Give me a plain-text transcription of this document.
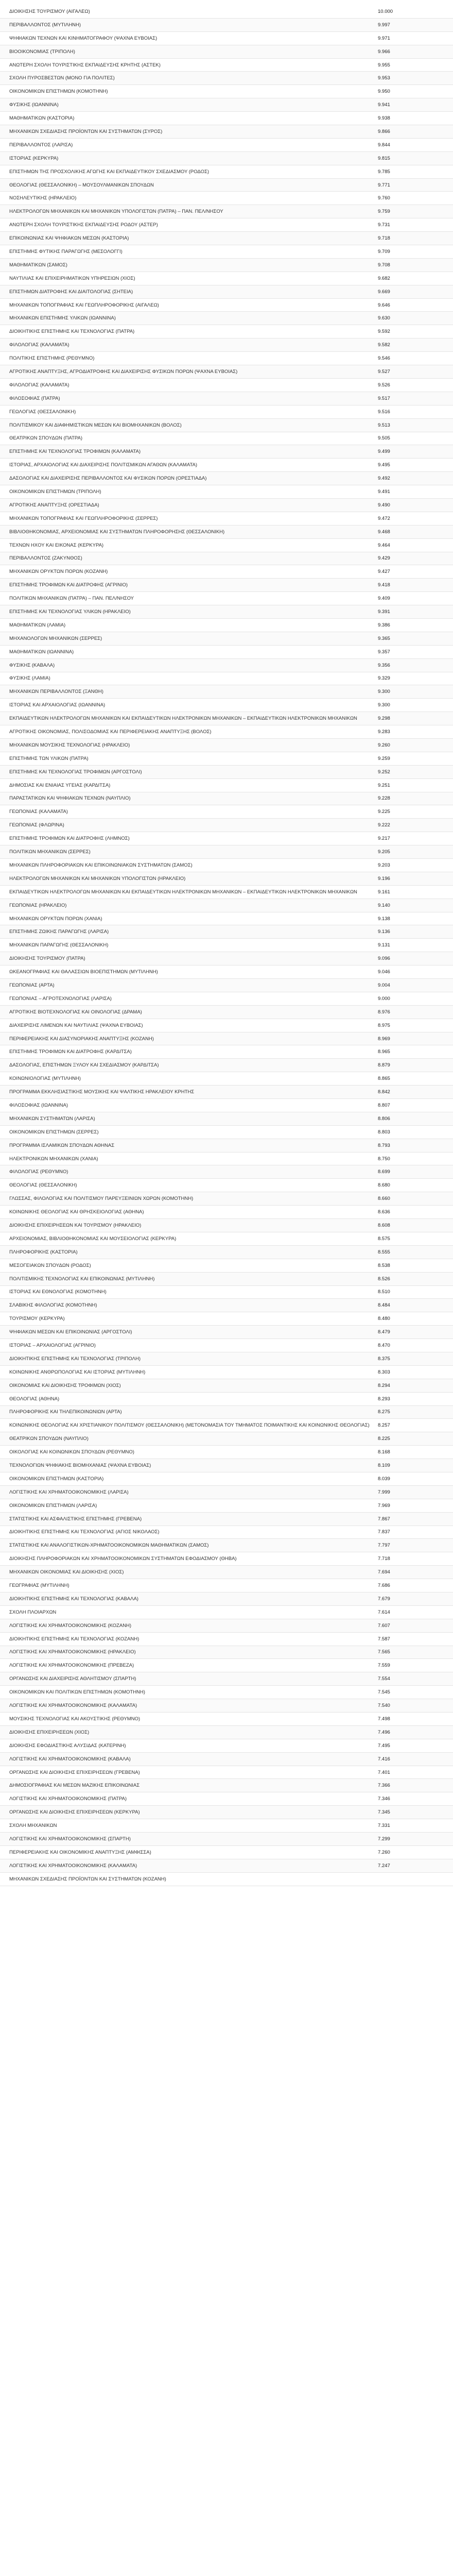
ΔΙΟΙΚΗΣΗΣ ΤΟΥΡΙΣΜΟΥ (ΑΙΓΑΛΕΩ)	10.000
ΠΕΡΙΒΑΛΛΟΝΤΟΣ (ΜΥΤΙΛΗΝΗ)	9.997
ΨΗΦΙΑΚΩΝ ΤΕΧΝΩΝ ΚΑΙ ΚΙΝΗΜΑΤΟΓΡΑΦΟΥ (ΨΑΧΝΑ ΕΥΒΟΙΑΣ)	9.971
ΒΙΟΟΙΚΟΝΟΜΙΑΣ (ΤΡΙΠΟΛΗ)	9.966
ΑΝΩΤΕΡΗ ΣΧΟΛΗ ΤΟΥΡΙΣΤΙΚΗΣ ΕΚΠΑΙΔΕΥΣΗΣ ΚΡΗΤΗΣ (ΑΣΤΕΚ)	9.955
ΣΧΟΛΗ ΠΥΡΟΣΒΕΣΤΩΝ (ΜΟΝΟ ΓΙΑ ΠΟΛΙΤΕΣ)	9.953
ΟΙΚΟΝΟΜΙΚΩΝ ΕΠΙΣΤΗΜΩΝ (ΚΟΜΟΤΗΝΗ)	9.950
ΦΥΣΙΚΗΣ (ΙΩΑΝΝΙΝΑ)	9.941
ΜΑΘΗΜΑΤΙΚΩΝ (ΚΑΣΤΟΡΙΑ)	9.938
ΜΗΧΑΝΙΚΩΝ ΣΧΕΔΙΑΣΗΣ ΠΡΟΪΟΝΤΩΝ ΚΑΙ ΣΥΣΤΗΜΑΤΩΝ (ΣΥΡΟΣ)	9.866
ΠΕΡΙΒΑΛΛΟΝΤΟΣ (ΛΑΡΙΣΑ)	9.844
ΙΣΤΟΡΙΑΣ (ΚΕΡΚΥΡΑ)	9.815
ΕΠΙΣΤΗΜΩΝ ΤΗΣ ΠΡΟΣΧΟΛΙΚΗΣ ΑΓΩΓΗΣ ΚΑΙ ΕΚΠΑΙΔΕΥΤΙΚΟΥ ΣΧΕΔΙΑΣΜΟΥ (ΡΟΔΟΣ)	9.785
ΘΕΟΛΟΓΙΑΣ (ΘΕΣΣΑΛΟΝΙΚΗ) – ΜΟΥΣΟΥΛΜΑΝΙΚΩΝ ΣΠΟΥΔΩΝ	9.771
ΝΟΣΗΛΕΥΤΙΚΗΣ (ΗΡΑΚΛΕΙΟ)	9.760
ΗΛΕΚΤΡΟΛΟΓΩΝ ΜΗΧΑΝΙΚΩΝ ΚΑΙ ΜΗΧΑΝΙΚΩΝ ΥΠΟΛΟΓΙΣΤΩΝ (ΠΑΤΡΑ) – ΠΑΝ. ΠΕΛ/ΝΗΣΟΥ	9.759
ΑΝΩΤΕΡΗ ΣΧΟΛΗ ΤΟΥΡΙΣΤΙΚΗΣ ΕΚΠΑΙΔΕΥΣΗΣ ΡΟΔΟΥ (ΑΣΤΕΡ)	9.731
ΕΠΙΚΟΙΝΩΝΙΑΣ ΚΑΙ ΨΗΦΙΑΚΩΝ ΜΕΣΩΝ (ΚΑΣΤΟΡΙΑ)	9.718
ΕΠΙΣΤΗΜΗΣ ΦΥΤΙΚΗΣ ΠΑΡΑΓΩΓΗΣ (ΜΕΣΟΛΟΓΓΙ)	9.709
ΜΑΘΗΜΑΤΙΚΩΝ (ΣΑΜΟΣ)	9.708
ΝΑΥΤΙΛΙΑΣ ΚΑΙ ΕΠΙΧΕΙΡΗΜΑΤΙΚΩΝ ΥΠΗΡΕΣΙΩΝ (ΧΙΟΣ)	9.682
ΕΠΙΣΤΗΜΩΝ ΔΙΑΤΡΟΦΗΣ ΚΑΙ ΔΙΑΙΤΟΛΟΓΙΑΣ (ΣΗΤΕΙΑ)	9.669
ΜΗΧΑΝΙΚΩΝ ΤΟΠΟΓΡΑΦΙΑΣ ΚΑΙ ΓΕΩΠΛΗΡΟΦΟΡΙΚΗΣ (ΑΙΓΑΛΕΩ)	9.646
ΜΗΧΑΝΙΚΩΝ ΕΠΙΣΤΗΜΗΣ ΥΛΙΚΩΝ (ΙΩΑΝΝΙΝΑ)	9.630
ΔΙΟΙΚΗΤΙΚΗΣ ΕΠΙΣΤΗΜΗΣ ΚΑΙ ΤΕΧΝΟΛΟΓΙΑΣ (ΠΑΤΡΑ)	9.592
ΦΙΛΟΛΟΓΙΑΣ (ΚΑΛΑΜΑΤΑ)	9.582
ΠΟΛΙΤΙΚΗΣ ΕΠΙΣΤΗΜΗΣ (ΡΕΘΥΜΝΟ)	9.546
ΑΓΡΟΤΙΚΗΣ ΑΝΑΠΤΥΞΗΣ, ΑΓΡΟΔΙΑΤΡΟΦΗΣ ΚΑΙ ΔΙΑΧΕΙΡΙΣΗΣ ΦΥΣΙΚΩΝ ΠΟΡΩΝ (ΨΑΧΝΑ ΕΥΒΟΙΑΣ)	9.527
ΦΙΛΟΛΟΓΙΑΣ (ΚΑΛΑΜΑΤΑ)	9.526
ΦΙΛΟΣΟΦΙΑΣ (ΠΑΤΡΑ)	9.517
ΓΕΩΛΟΓΙΑΣ (ΘΕΣΣΑΛΟΝΙΚΗ)	9.516
ΠΟΛΙΤΙΣΜΙΚΟΥ ΚΑΙ ΔΙΑΦΗΜΙΣΤΙΚΩΝ ΜΕΣΩΝ ΚΑΙ ΒΙΟΜΗΧΑΝΙΚΩΝ (ΒΟΛΟΣ)	9.513
ΘΕΑΤΡΙΚΩΝ ΣΠΟΥΔΩΝ (ΠΑΤΡΑ)	9.505
ΕΠΙΣΤΗΜΗΣ ΚΑΙ ΤΕΧΝΟΛΟΓΙΑΣ ΤΡΟΦΙΜΩΝ (ΚΑΛΑΜΑΤΑ)	9.499
ΙΣΤΟΡΙΑΣ, ΑΡΧΑΙΟΛΟΓΙΑΣ ΚΑΙ ΔΙΑΧΕΙΡΙΣΗΣ ΠΟΛΙΤΙΣΜΙΚΩΝ ΑΓΑΘΩΝ (ΚΑΛΑΜΑΤΑ)	9.495
ΔΑΣΟΛΟΓΙΑΣ ΚΑΙ ΔΙΑΧΕΙΡΙΣΗΣ ΠΕΡΙΒΑΛΛΟΝΤΟΣ ΚΑΙ ΦΥΣΙΚΩΝ ΠΟΡΩΝ (ΟΡΕΣΤΙΑΔΑ)	9.492
ΟΙΚΟΝΟΜΙΚΩΝ ΕΠΙΣΤΗΜΩΝ (ΤΡΙΠΟΛΗ)	9.491
ΑΓΡΟΤΙΚΗΣ ΑΝΑΠΤΥΞΗΣ (ΟΡΕΣΤΙΑΔΑ)	9.490
ΜΗΧΑΝΙΚΩΝ ΤΟΠΟΓΡΑΦΙΑΣ ΚΑΙ ΓΕΩΠΛΗΡΟΦΟΡΙΚΗΣ (ΣΕΡΡΕΣ)	9.472
ΒΙΒΛΙΟΘΗΚΟΝΟΜΙΑΣ, ΑΡΧΕΙΟΝΟΜΙΑΣ ΚΑΙ ΣΥΣΤΗΜΑΤΩΝ ΠΛΗΡΟΦΟΡΗΣΗΣ (ΘΕΣΣΑΛΟΝΙΚΗ)	9.468
ΤΕΧΝΩΝ ΗΧΟΥ ΚΑΙ ΕΙΚΟΝΑΣ (ΚΕΡΚΥΡΑ)	9.464
ΠΕΡΙΒΑΛΛΟΝΤΟΣ (ΖΑΚΥΝΘΟΣ)	9.429
ΜΗΧΑΝΙΚΩΝ ΟΡΥΚΤΩΝ ΠΟΡΩΝ (ΚΟΖΑΝΗ)	9.427
ΕΠΙΣΤΗΜΗΣ ΤΡΟΦΙΜΩΝ ΚΑΙ ΔΙΑΤΡΟΦΗΣ (ΑΓΡΙΝΙΟ)	9.418
ΠΟΛΙΤΙΚΩΝ ΜΗΧΑΝΙΚΩΝ (ΠΑΤΡΑ) – ΠΑΝ. ΠΕΛ/ΝΗΣΟΥ	9.409
ΕΠΙΣΤΗΜΗΣ ΚΑΙ ΤΕΧΝΟΛΟΓΙΑΣ ΥΛΙΚΩΝ (ΗΡΑΚΛΕΙΟ)	9.391
ΜΑΘΗΜΑΤΙΚΩΝ (ΛΑΜΙΑ)	9.386
ΜΗΧΑΝΟΛΟΓΩΝ ΜΗΧΑΝΙΚΩΝ (ΣΕΡΡΕΣ)	9.365
ΜΑΘΗΜΑΤΙΚΩΝ (ΙΩΑΝΝΙΝΑ)	9.357
ΦΥΣΙΚΗΣ (ΚΑΒΑΛΑ)	9.356
ΦΥΣΙΚΗΣ (ΛΑΜΙΑ)	9.329
ΜΗΧΑΝΙΚΩΝ ΠΕΡΙΒΑΛΛΟΝΤΟΣ (ΞΑΝΘΗ)	9.300
ΙΣΤΟΡΙΑΣ ΚΑΙ ΑΡΧΑΙΟΛΟΓΙΑΣ (ΙΩΑΝΝΙΝΑ)	9.300
ΕΚΠΑΙΔΕΥΤΙΚΩΝ ΗΛΕΚΤΡΟΛΟΓΩΝ ΜΗΧΑΝΙΚΩΝ ΚΑΙ ΕΚΠΑΙΔΕΥΤΙΚΩΝ ΗΛΕΚΤΡΟΝΙΚΩΝ ΜΗΧΑΝΙΚΩΝ – ΕΚΠΑΙΔΕΥΤΙΚΩΝ ΗΛΕΚΤΡΟΝΙΚΩΝ ΜΗΧΑΝΙΚΩΝ	9.298
ΑΓΡΟΤΙΚΗΣ ΟΙΚΟΝΟΜΙΑΣ, ΠΟΛΙΣΟΔΟΜΙΑΣ ΚΑΙ ΠΕΡΙΦΕΡΕΙΑΚΗΣ ΑΝΑΠΤΥΞΗΣ (ΒΟΛΟΣ)	9.283
ΜΗΧΑΝΙΚΩΝ ΜΟΥΣΙΚΗΣ ΤΕΧΝΟΛΟΓΙΑΣ (ΗΡΑΚΛΕΙΟ)	9.260
ΕΠΙΣΤΗΜΗΣ ΤΩΝ ΥΛΙΚΩΝ (ΠΑΤΡΑ)	9.259
ΕΠΙΣΤΗΜΗΣ ΚΑΙ ΤΕΧΝΟΛΟΓΙΑΣ ΤΡΟΦΙΜΩΝ (ΑΡΓΟΣΤΟΛΙ)	9.252
ΔΗΜΟΣΙΑΣ ΚΑΙ ΕΝΙΑΙΑΣ ΥΓΕΙΑΣ (ΚΑΡΔΙΤΣΑ)	9.251
ΠΑΡΑΣΤΑΤΙΚΩΝ ΚΑΙ ΨΗΦΙΑΚΩΝ ΤΕΧΝΩΝ (ΝΑΥΠΛΙΟ)	9.228
ΓΕΩΠΟΝΙΑΣ (ΚΑΛΑΜΑΤΑ)	9.225
ΓΕΩΠΟΝΙΑΣ (ΦΛΩΡΙΝΑ)	9.222
ΕΠΙΣΤΗΜΗΣ ΤΡΟΦΙΜΩΝ ΚΑΙ ΔΙΑΤΡΟΦΗΣ (ΛΗΜΝΟΣ)	9.217
ΠΟΛΙΤΙΚΩΝ ΜΗΧΑΝΙΚΩΝ (ΣΕΡΡΕΣ)	9.205
ΜΗΧΑΝΙΚΩΝ ΠΛΗΡΟΦΟΡΙΑΚΩΝ ΚΑΙ ΕΠΙΚΟΙΝΩΝΙΑΚΩΝ ΣΥΣΤΗΜΑΤΩΝ (ΣΑΜΟΣ)	9.203
ΗΛΕΚΤΡΟΛΟΓΩΝ ΜΗΧΑΝΙΚΩΝ ΚΑΙ ΜΗΧΑΝΙΚΩΝ ΥΠΟΛΟΓΙΣΤΩΝ (ΗΡΑΚΛΕΙΟ)	9.196
ΕΚΠΑΙΔΕΥΤΙΚΩΝ ΗΛΕΚΤΡΟΛΟΓΩΝ ΜΗΧΑΝΙΚΩΝ ΚΑΙ ΕΚΠΑΙΔΕΥΤΙΚΩΝ ΗΛΕΚΤΡΟΝΙΚΩΝ ΜΗΧΑΝΙΚΩΝ – ΕΚΠΑΙΔΕΥΤΙΚΩΝ ΗΛΕΚΤΡΟΝΙΚΩΝ ΜΗΧΑΝΙΚΩΝ	9.161
ΓΕΩΠΟΝΙΑΣ (ΗΡΑΚΛΕΙΟ)	9.140
ΜΗΧΑΝΙΚΩΝ ΟΡΥΚΤΩΝ ΠΟΡΩΝ (ΧΑΝΙΑ)	9.138
ΕΠΙΣΤΗΜΗΣ ΖΩΙΚΗΣ ΠΑΡΑΓΩΓΗΣ (ΛΑΡΙΣΑ)	9.136
ΜΗΧΑΝΙΚΩΝ ΠΑΡΑΓΩΓΗΣ (ΘΕΣΣΑΛΟΝΙΚΗ)	9.131
ΔΙΟΙΚΗΣΗΣ ΤΟΥΡΙΣΜΟΥ (ΠΑΤΡΑ)	9.096
ΩΚΕΑΝΟΓΡΑΦΙΑΣ ΚΑΙ ΘΑΛΑΣΣΙΩΝ ΒΙΟΕΠΙΣΤΗΜΩΝ (ΜΥΤΙΛΗΝΗ)	9.046
ΓΕΩΠΟΝΙΑΣ (ΑΡΤΑ)	9.004
ΓΕΩΠΟΝΙΑΣ – ΑΓΡΟΤΕΧΝΟΛΟΓΙΑΣ (ΛΑΡΙΣΑ)	9.000
ΑΓΡΟΤΙΚΗΣ ΒΙΟΤΕΧΝΟΛΟΓΙΑΣ ΚΑΙ ΟΙΝΟΛΟΓΙΑΣ (ΔΡΑΜΑ)	8.976
ΔΙΑΧΕΙΡΙΣΗΣ ΛΙΜΕΝΩΝ ΚΑΙ ΝΑΥΤΙΛΙΑΣ (ΨΑΧΝΑ ΕΥΒΟΙΑΣ)	8.975
ΠΕΡΙΦΕΡΕΙΑΚΗΣ ΚΑΙ ΔΙΑΣΥΝΟΡΙΑΚΗΣ ΑΝΑΠΤΥΞΗΣ (ΚΟΖΑΝΗ)	8.969
ΕΠΙΣΤΗΜΗΣ ΤΡΟΦΙΜΩΝ ΚΑΙ ΔΙΑΤΡΟΦΗΣ (ΚΑΡΔΙΤΣΑ)	8.965
ΔΑΣΟΛΟΓΙΑΣ, ΕΠΙΣΤΗΜΩΝ ΞΥΛΟΥ ΚΑΙ ΣΧΕΔΙΑΣΜΟΥ (ΚΑΡΔΙΤΣΑ)	8.879
ΚΟΙΝΩΝΙΟΛΟΓΙΑΣ (ΜΥΤΙΛΗΝΗ)	8.865
ΠΡΟΓΡΑΜΜΑ ΕΚΚΛΗΣΙΑΣΤΙΚΗΣ ΜΟΥΣΙΚΗΣ ΚΑΙ ΨΑΛΤΙΚΗΣ ΗΡΑΚΛΕΙΟΥ ΚΡΗΤΗΣ	8.842
ΦΙΛΟΣΟΦΙΑΣ (ΙΩΑΝΝΙΝΑ)	8.807
ΜΗΧΑΝΙΚΩΝ ΣΥΣΤΗΜΑΤΩΝ (ΛΑΡΙΣΑ)	8.806
ΟΙΚΟΝΟΜΙΚΩΝ ΕΠΙΣΤΗΜΩΝ (ΣΕΡΡΕΣ)	8.803
ΠΡΟΓΡΑΜΜΑ ΙΣΛΑΜΙΚΩΝ ΣΠΟΥΔΩΝ ΑΘΗΝΑΣ	8.793
ΗΛΕΚΤΡΟΝΙΚΩΝ ΜΗΧΑΝΙΚΩΝ (ΧΑΝΙΑ)	8.750
ΦΙΛΟΛΟΓΙΑΣ (ΡΕΘΥΜΝΟ)	8.699
ΘΕΟΛΟΓΙΑΣ (ΘΕΣΣΑΛΟΝΙΚΗ)	8.680
ΓΛΩΣΣΑΣ, ΦΙΛΟΛΟΓΙΑΣ ΚΑΙ ΠΟΛΙΤΙΣΜΟΥ ΠΑΡΕΥΞΕΙΝΙΩΝ ΧΩΡΩΝ (ΚΟΜΟΤΗΝΗ)	8.660
ΚΟΙΝΩΝΙΚΗΣ ΘΕΟΛΟΓΙΑΣ ΚΑΙ ΘΡΗΣΚΕΙΟΛΟΓΙΑΣ (ΑΘΗΝΑ)	8.636
ΔΙΟΙΚΗΣΗΣ ΕΠΙΧΕΙΡΗΣΕΩΝ ΚΑΙ ΤΟΥΡΙΣΜΟΥ (ΗΡΑΚΛΕΙΟ)	8.608
ΑΡΧΕΙΟΝΟΜΙΑΣ, ΒΙΒΛΙΟΘΗΚΟΝΟΜΙΑΣ ΚΑΙ ΜΟΥΣΕΙΟΛΟΓΙΑΣ (ΚΕΡΚΥΡΑ)	8.575
ΠΛΗΡΟΦΟΡΙΚΗΣ (ΚΑΣΤΟΡΙΑ)	8.555
ΜΕΣΟΓΕΙΑΚΩΝ ΣΠΟΥΔΩΝ (ΡΟΔΟΣ)	8.538
ΠΟΛΙΤΙΣΜΙΚΗΣ ΤΕΧΝΟΛΟΓΙΑΣ ΚΑΙ ΕΠΙΚΟΙΝΩΝΙΑΣ (ΜΥΤΙΛΗΝΗ)	8.526
ΙΣΤΟΡΙΑΣ ΚΑΙ ΕΘΝΟΛΟΓΙΑΣ (ΚΟΜΟΤΗΝΗ)	8.510
ΣΛΑΒΙΚΗΣ ΦΙΛΟΛΟΓΙΑΣ (ΚΟΜΟΤΗΝΗ)	8.484
ΤΟΥΡΙΣΜΟΥ (ΚΕΡΚΥΡΑ)	8.480
ΨΗΦΙΑΚΩΝ ΜΕΣΩΝ ΚΑΙ ΕΠΙΚΟΙΝΩΝΙΑΣ (ΑΡΓΟΣΤΟΛΙ)	8.479
ΙΣΤΟΡΙΑΣ – ΑΡΧΑΙΟΛΟΓΙΑΣ (ΑΓΡΙΝΙΟ)	8.470
ΔΙΟΙΚΗΤΙΚΗΣ ΕΠΙΣΤΗΜΗΣ ΚΑΙ ΤΕΧΝΟΛΟΓΙΑΣ (ΤΡΙΠΟΛΗ)	8.375
ΚΟΙΝΩΝΙΚΗΣ ΑΝΘΡΩΠΟΛΟΓΙΑΣ ΚΑΙ ΙΣΤΟΡΙΑΣ (ΜΥΤΙΛΗΝΗ)	8.303
ΟΙΚΟΝΟΜΙΑΣ ΚΑΙ ΔΙΟΙΚΗΣΗΣ ΤΡΟΦΙΜΩΝ (ΧΙΟΣ)	8.294
ΘΕΟΛΟΓΙΑΣ (ΑΘΗΝΑ)	8.293
ΠΛΗΡΟΦΟΡΙΚΗΣ ΚΑΙ ΤΗΛΕΠΙΚΟΙΝΩΝΙΩΝ (ΑΡΤΑ)	8.275
ΚΟΙΝΩΝΙΚΗΣ ΘΕΟΛΟΓΙΑΣ ΚΑΙ ΧΡΙΣΤΙΑΝΙΚΟΥ ΠΟΛΙΤΙΣΜΟΥ (ΘΕΣΣΑΛΟΝΙΚΗ) (ΜΕΤΟΝΟΜΑΣΙΑ ΤΟΥ ΤΜΗΜΑΤΟΣ ΠΟΙΜΑΝΤΙΚΗΣ ΚΑΙ ΚΟΙΝΩΝΙΚΗΣ ΘΕΟΛΟΓΙΑΣ)	8.257
ΘΕΑΤΡΙΚΩΝ ΣΠΟΥΔΩΝ (ΝΑΥΠΛΙΟ)	8.225
ΟΙΚΟΛΟΓΙΑΣ ΚΑΙ ΚΟΙΝΩΝΙΚΩΝ ΣΠΟΥΔΩΝ (ΡΕΘΥΜΝΟ)	8.168
ΤΕΧΝΟΛΟΓΙΩΝ ΨΗΦΙΑΚΗΣ ΒΙΟΜΗΧΑΝΙΑΣ (ΨΑΧΝΑ ΕΥΒΟΙΑΣ)	8.109
ΟΙΚΟΝΟΜΙΚΩΝ ΕΠΙΣΤΗΜΩΝ (ΚΑΣΤΟΡΙΑ)	8.039
ΛΟΓΙΣΤΙΚΗΣ ΚΑΙ ΧΡΗΜΑΤΟΟΙΚΟΝΟΜΙΚΗΣ (ΛΑΡΙΣΑ)	7.999
ΟΙΚΟΝΟΜΙΚΩΝ ΕΠΙΣΤΗΜΩΝ (ΛΑΡΙΣΑ)	7.969
ΣΤΑΤΙΣΤΙΚΗΣ ΚΑΙ ΑΣΦΑΛΙΣΤΙΚΗΣ ΕΠΙΣΤΗΜΗΣ (ΓΡΕΒΕΝΑ)	7.867
ΔΙΟΙΚΗΤΙΚΗΣ ΕΠΙΣΤΗΜΗΣ ΚΑΙ ΤΕΧΝΟΛΟΓΙΑΣ (ΑΓΙΟΣ ΝΙΚΟΛΑΟΣ)	7.837
ΣΤΑΤΙΣΤΙΚΗΣ ΚΑΙ ΑΝΑΛΟΓΙΣΤΙΚΩΝ-ΧΡΗΜΑΤΟΟΙΚΟΝΟΜΙΚΩΝ ΜΑΘΗΜΑΤΙΚΩΝ (ΣΑΜΟΣ)	7.797
ΔΙΟΙΚΗΣΗΣ ΠΛΗΡΟΦΟΡΙΑΚΩΝ ΚΑΙ ΧΡΗΜΑΤΟΟΙΚΟΝΟΜΙΚΩΝ ΣΥΣΤΗΜΑΤΩΝ ΕΦΟΔΙΑΣΜΟΥ (ΘΗΒΑ)	7.718
ΜΗΧΑΝΙΚΩΝ ΟΙΚΟΝΟΜΙΑΣ ΚΑΙ ΔΙΟΙΚΗΣΗΣ (ΧΙΟΣ)	7.694
ΓΕΩΓΡΑΦΙΑΣ (ΜΥΤΙΛΗΝΗ)	7.686
ΔΙΟΙΚΗΤΙΚΗΣ ΕΠΙΣΤΗΜΗΣ ΚΑΙ ΤΕΧΝΟΛΟΓΙΑΣ (ΚΑΒΑΛΑ)	7.679
ΣΧΟΛΗ ΠΛΟΙΑΡΧΩΝ	7.614
ΛΟΓΙΣΤΙΚΗΣ ΚΑΙ ΧΡΗΜΑΤΟΟΙΚΟΝΟΜΙΚΗΣ (ΚΟΖΑΝΗ)	7.607
ΔΙΟΙΚΗΤΙΚΗΣ ΕΠΙΣΤΗΜΗΣ ΚΑΙ ΤΕΧΝΟΛΟΓΙΑΣ (ΚΟΖΑΝΗ)	7.587
ΛΟΓΙΣΤΙΚΗΣ ΚΑΙ ΧΡΗΜΑΤΟΟΙΚΟΝΟΜΙΚΗΣ (ΗΡΑΚΛΕΙΟ)	7.565
ΛΟΓΙΣΤΙΚΗΣ ΚΑΙ ΧΡΗΜΑΤΟΟΙΚΟΝΟΜΙΚΗΣ (ΠΡΕΒΕΖΑ)	7.559
ΟΡΓΑΝΩΣΗΣ ΚΑΙ ΔΙΑΧΕΙΡΙΣΗΣ ΑΘΛΗΤΙΣΜΟΥ (ΣΠΑΡΤΗ)	7.554
ΟΙΚΟΝΟΜΙΚΩΝ ΚΑΙ ΠΟΛΙΤΙΚΩΝ ΕΠΙΣΤΗΜΩΝ (ΚΟΜΟΤΗΝΗ)	7.545
ΛΟΓΙΣΤΙΚΗΣ ΚΑΙ ΧΡΗΜΑΤΟΟΙΚΟΝΟΜΙΚΗΣ (ΚΑΛΑΜΑΤΑ)	7.540
ΜΟΥΣΙΚΗΣ ΤΕΧΝΟΛΟΓΙΑΣ ΚΑΙ ΑΚΟΥΣΤΙΚΗΣ (ΡΕΘΥΜΝΟ)	7.498
ΔΙΟΙΚΗΣΗΣ ΕΠΙΧΕΙΡΗΣΕΩΝ (ΧΙΟΣ)	7.496
ΔΙΟΙΚΗΣΗΣ ΕΦΟΔΙΑΣΤΙΚΗΣ ΑΛΥΣΙΔΑΣ (ΚΑΤΕΡΙΝΗ)	7.495
ΛΟΓΙΣΤΙΚΗΣ ΚΑΙ ΧΡΗΜΑΤΟΟΙΚΟΝΟΜΙΚΗΣ (ΚΑΒΑΛΑ)	7.416
ΟΡΓΑΝΩΣΗΣ ΚΑΙ ΔΙΟΙΚΗΣΗΣ ΕΠΙΧΕΙΡΗΣΕΩΝ (ΓΡΕΒΕΝΑ)	7.401
ΔΗΜΟΣΙΟΓΡΑΦΙΑΣ ΚΑΙ ΜΕΣΩΝ ΜΑΖΙΚΗΣ ΕΠΙΚΟΙΝΩΝΙΑΣ	7.366
ΛΟΓΙΣΤΙΚΗΣ ΚΑΙ ΧΡΗΜΑΤΟΟΙΚΟΝΟΜΙΚΗΣ (ΠΑΤΡΑ)	7.346
ΟΡΓΑΝΩΣΗΣ ΚΑΙ ΔΙΟΙΚΗΣΗΣ ΕΠΙΧΕΙΡΗΣΕΩΝ (ΚΕΡΚΥΡΑ)	7.345
ΣΧΟΛΗ ΜΗΧΑΝΙΚΩΝ	7.331
ΛΟΓΙΣΤΙΚΗΣ ΚΑΙ ΧΡΗΜΑΤΟΟΙΚΟΝΟΜΙΚΗΣ (ΣΠΑΡΤΗ)	7.299
ΠΕΡΙΦΕΡΕΙΑΚΗΣ ΚΑΙ ΟΙΚΟΝΟΜΙΚΗΣ ΑΝΑΠΤΥΞΗΣ (ΑΜΦΙΣΣΑ)	7.260
ΛΟΓΙΣΤΙΚΗΣ ΚΑΙ ΧΡΗΜΑΤΟΟΙΚΟΝΟΜΙΚΗΣ (ΚΑΛΑΜΑΤΑ)	7.247
ΜΗΧΑΝΙΚΩΝ ΣΧΕΔΙΑΣΗΣ ΠΡΟΪΟΝΤΩΝ ΚΑΙ ΣΥΣΤΗΜΑΤΩΝ (ΚΟΖΑΝΗ)	
